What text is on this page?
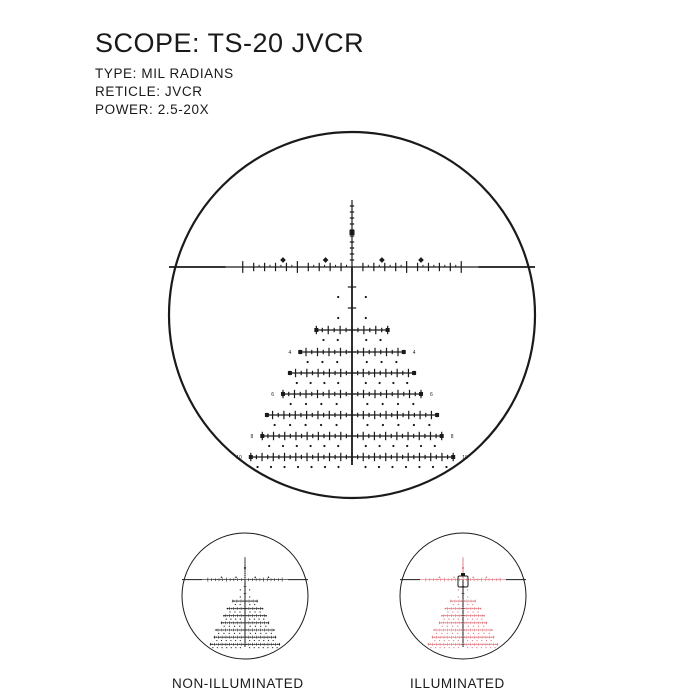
SCOPE: TS-20 JVCR
TYPE: MIL RADIANS
RETICLE: JVCR
POWER: 2.5-20X
4	4
6	6
8	8
10	10
NON-ILLUMINATED	ILLUMINATED
